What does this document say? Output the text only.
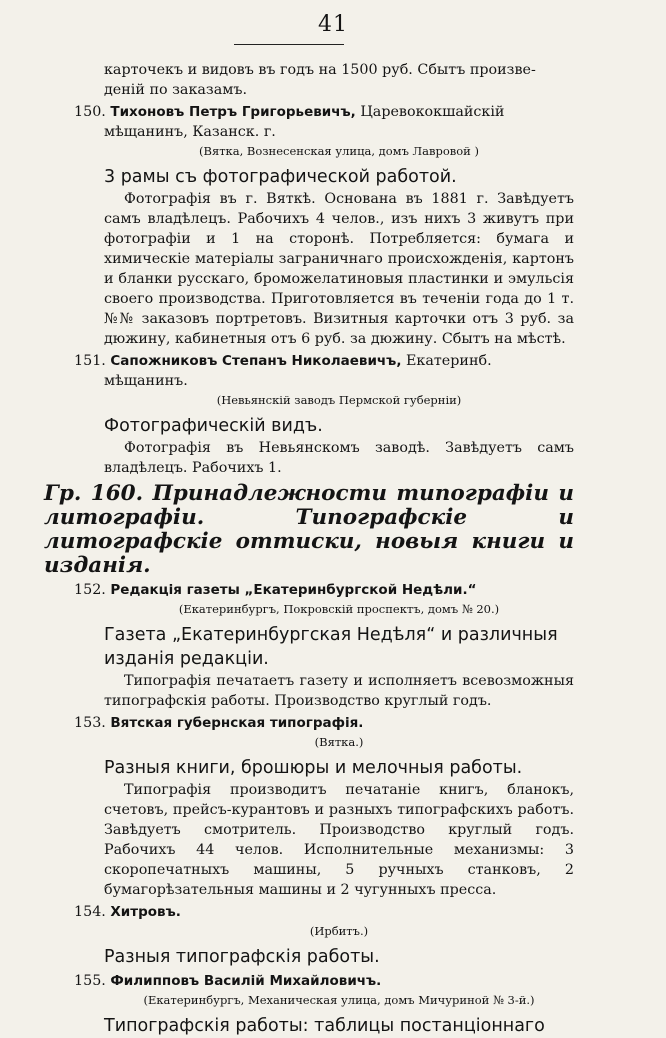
41
карточекъ и видовъ въ годъ на 1500 руб. Сбытъ произве-
деній по заказамъ.
150. Тихоновъ Петръ Григорьевичъ, Царевококшайскій мѣщанинъ, Казанск. г.
(Вятка, Вознесенская улица, домъ Лавровой )
3 рамы съ фотографической работой.
Фотографія въ г. Вяткѣ. Основана въ 1881 г. Завѣдуетъ самъ владѣлецъ. Рабочихъ 4 челов., изъ нихъ 3 живутъ при фотографіи и 1 на сторонѣ. Потребляется: бумага и химическіе матеріалы заграничнаго происхожденія, картонъ и бланки русскаго, броможелатиновыя пластинки и эмульсія своего производства. Приготовляется въ теченіи года до 1 т. №№ заказовъ портретовъ. Визитныя карточки отъ 3 руб. за дюжину, кабинетныя отъ 6 руб. за дюжину. Сбытъ на мѣстѣ.
151. Сапожниковъ Степанъ Николаевичъ, Екатеринб. мѣщанинъ.
(Невьянскій заводъ Пермской губерніи)
Фотографическій видъ.
Фотографія въ Невьянскомъ заводѣ. Завѣдуетъ самъ владѣлецъ. Рабочихъ 1.
Гр. 160. Принадлежности типографіи и литографіи. Типографскіе и литографскіе оттиски, новыя книги и изданія.
152. Редакція газеты „Екатеринбургской Недѣли.“
(Екатеринбургъ, Покровскій проспектъ, домъ № 20.)
Газета „Екатеринбургская Недѣля“ и различныя изданія редакціи.
Типографія печатаетъ газету и исполняетъ всевозможныя типографскія работы. Производство круглый годъ.
153. Вятская губернская типографія.
(Вятка.)
Разныя книги, брошюры и мелочныя работы.
Типографія производитъ печатаніе книгъ, бланокъ, счетовъ, прейсъ-курантовъ и разныхъ типографскихъ работъ. Завѣдуетъ смотритель. Производство круглый годъ. Рабочихъ 44 челов. Исполнительные механизмы: 3 скоропечатныхъ машины, 5 ручныхъ станковъ, 2 бумагорѣзательныя машины и 2 чугунныхъ пресса.
154. Хитровъ.
(Ирбитъ.)
Разныя типографскія работы.
155. Филипповъ Василій Михайловичъ.
(Екатеринбургъ, Механическая улица, домъ Мичуриной № 3-й.)
Типографскія работы: таблицы постанціоннаго
